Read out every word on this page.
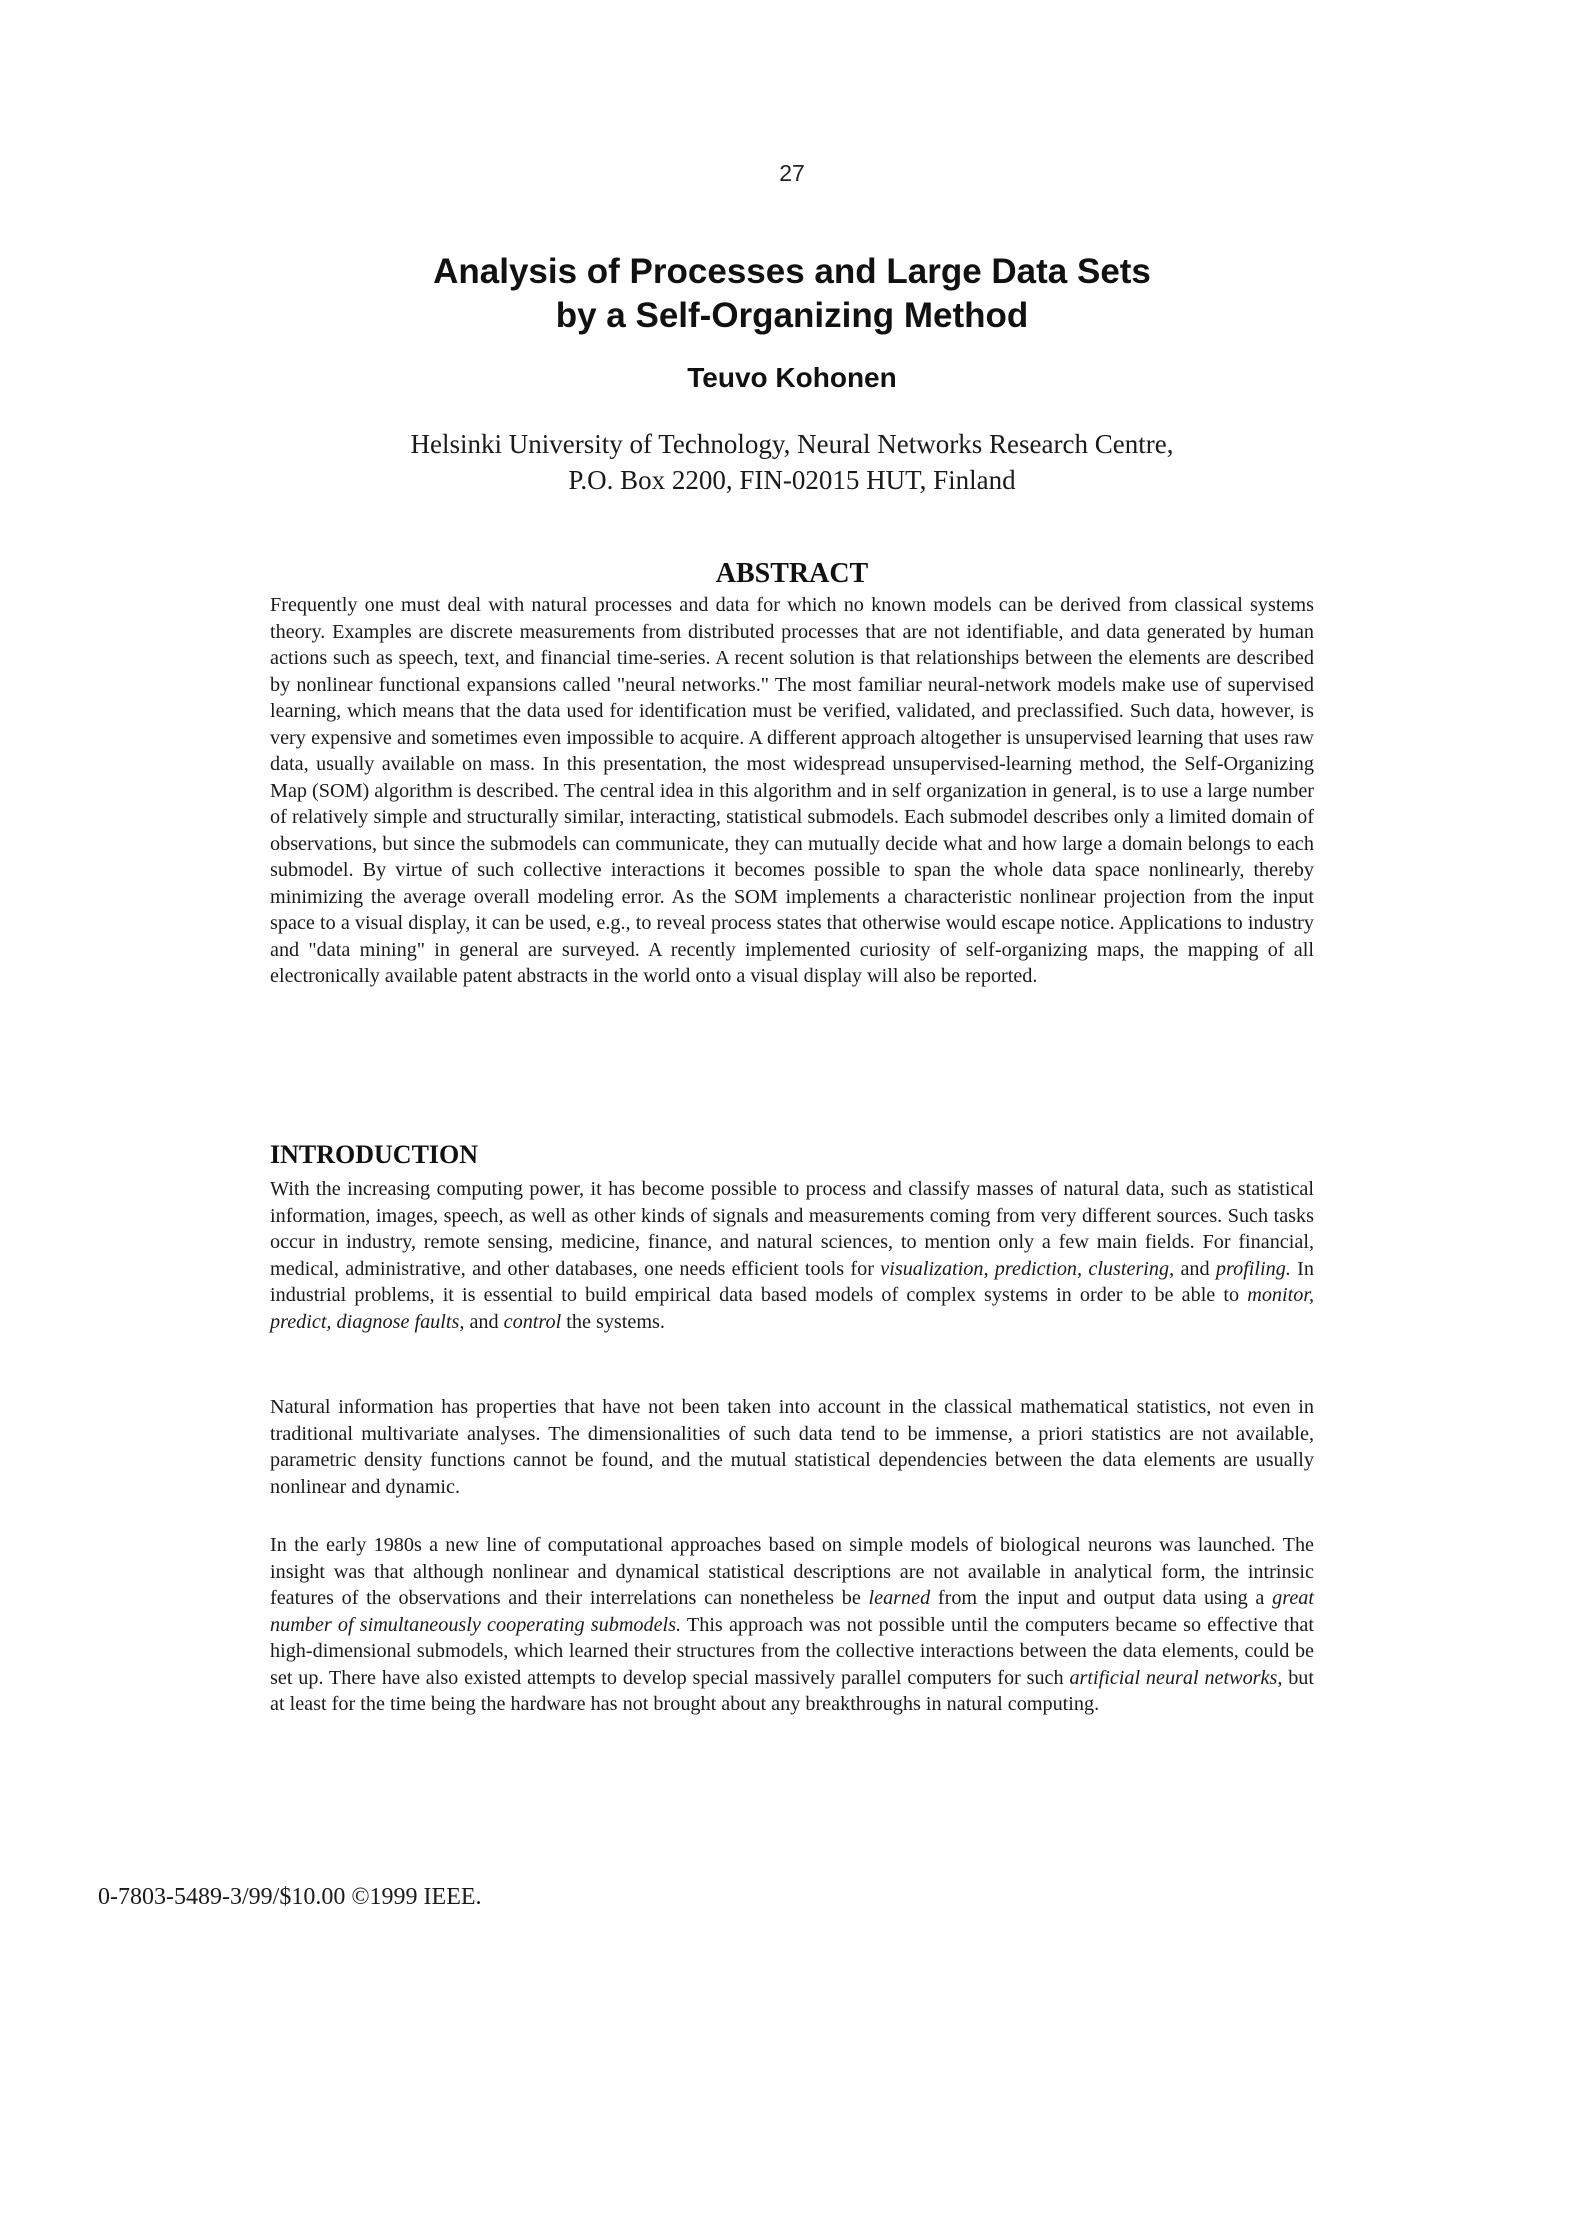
27
Analysis of Processes and Large Data Sets
by a Self-Organizing Method
Teuvo Kohonen
Helsinki University of Technology, Neural Networks Research Centre,
P.O. Box 2200, FIN-02015 HUT, Finland
ABSTRACT

Frequently one must deal with natural processes and data for which no known models can be derived from classical systems theory. Examples are discrete measurements from distributed processes that are not identifiable, and data generated by human actions such as speech, text, and financial time-series. A recent solution is that relationships between the elements are described by nonlinear functional expansions called "neural networks." The most familiar neural-network models make use of supervised learning, which means that the data used for identification must be verified, validated, and preclassified. Such data, however, is very expensive and sometimes even impossible to acquire. A different approach altogether is unsupervised learning that uses raw data, usually available on mass. In this presentation, the most widespread unsupervised-learning method, the Self-Organizing Map (SOM) algorithm is described. The central idea in this algorithm and in self organization in general, is to use a large number of relatively simple and structurally similar, interacting, statistical submodels. Each submodel describes only a limited domain of observations, but since the submodels can communicate, they can mutually decide what and how large a domain belongs to each submodel. By virtue of such collective interactions it becomes possible to span the whole data space nonlinearly, thereby minimizing the average overall modeling error. As the SOM implements a characteristic nonlinear projection from the input space to a visual display, it can be used, e.g., to reveal process states that otherwise would escape notice. Applications to industry and "data mining" in general are surveyed. A recently implemented curiosity of self-organizing maps, the mapping of all electronically available patent abstracts in the world onto a visual display will also be reported.

INTRODUCTION

With the increasing computing power, it has become possible to process and classify masses of natural data, such as statistical information, images, speech, as well as other kinds of signals and measurements coming from very different sources. Such tasks occur in industry, remote sensing, medicine, finance, and natural sciences, to mention only a few main fields. For financial, medical, administrative, and other databases, one needs efficient tools for visualization, prediction, clustering, and profiling. In industrial problems, it is essential to build empirical data based models of complex systems in order to be able to monitor, predict, diagnose faults, and control the systems.

Natural information has properties that have not been taken into account in the classical mathematical statistics, not even in traditional multivariate analyses. The dimensionalities of such data tend to be immense, a priori statistics are not available, parametric density functions cannot be found, and the mutual statistical dependencies between the data elements are usually nonlinear and dynamic.

In the early 1980s a new line of computational approaches based on simple models of biological neurons was launched. The insight was that although nonlinear and dynamical statistical descriptions are not available in analytical form, the intrinsic features of the observations and their interrelations can nonetheless be learned from the input and output data using a great number of simultaneously cooperating submodels. This approach was not possible until the computers became so effective that high-dimensional submodels, which learned their structures from the collective interactions between the data elements, could be set up. There have also existed attempts to develop special massively parallel computers for such artificial neural networks, but at least for the time being the hardware has not brought about any breakthroughs in natural computing.

0-7803-5489-3/99/$10.00 ©1999 IEEE.
